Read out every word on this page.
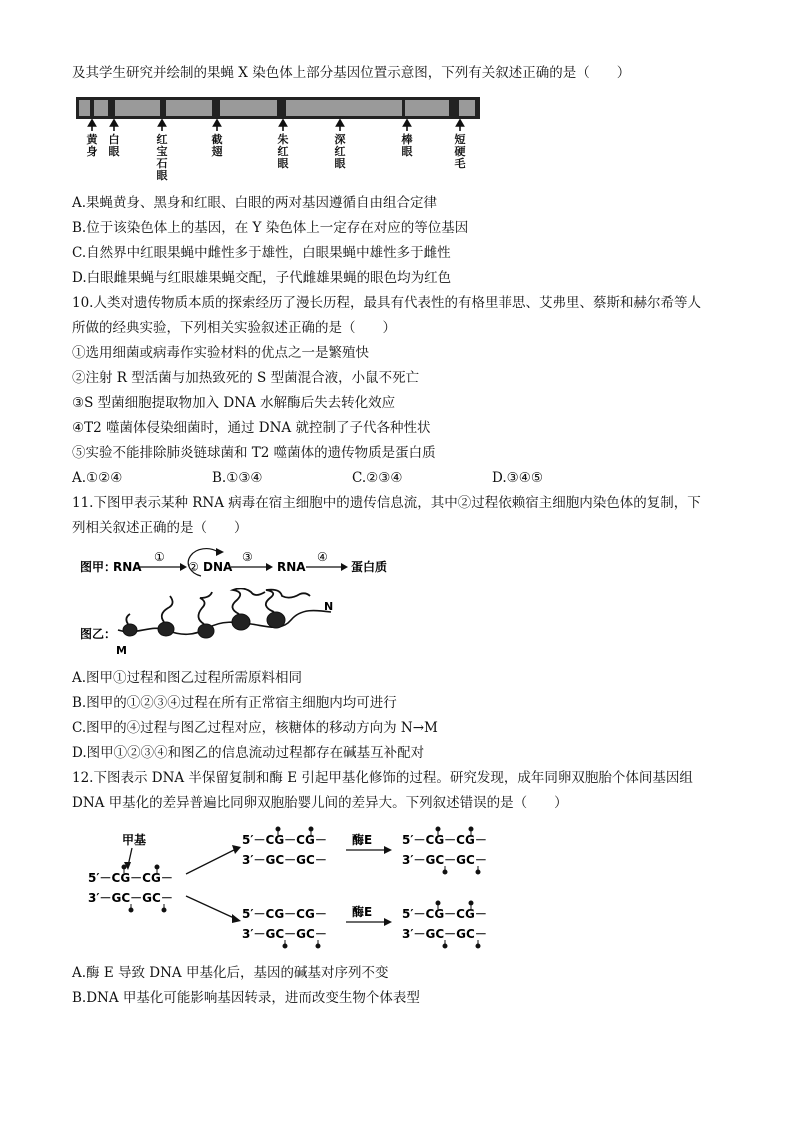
及其学生研究并绘制的果蝇 X 染色体上部分基因位置示意图，下列有关叙述正确的是（　　）
黄身
白眼
红宝石眼
截翅
朱红眼
深红眼
棒眼
短硬毛
A.果蝇黄身、黑身和红眼、白眼的两对基因遵循自由组合定律
B.位于该染色体上的基因，在 Y 染色体上一定存在对应的等位基因
C.自然界中红眼果蝇中雌性多于雄性，白眼果蝇中雄性多于雌性
D.白眼雌果蝇与红眼雄果蝇交配，子代雌雄果蝇的眼色均为红色
10.人类对遗传物质本质的探索经历了漫长历程，最具有代表性的有格里菲思、艾弗里、蔡斯和赫尔希等人
所做的经典实验，下列相关实验叙述正确的是（　　）
①选用细菌或病毒作实验材料的优点之一是繁殖快
②注射 R 型活菌与加热致死的 S 型菌混合液，小鼠不死亡
③S 型菌细胞提取物加入 DNA 水解酶后失去转化效应
④T2 噬菌体侵染细菌时，通过 DNA 就控制了子代各种性状
⑤实验不能排除肺炎链球菌和 T2 噬菌体的遗传物质是蛋白质
A.①②④	B.①③④	C.②③④	D.③④⑤
11.下图甲表示某种 RNA 病毒在宿主细胞中的遗传信息流，其中②过程依赖宿主细胞内染色体的复制，下
列相关叙述正确的是（　　）
图甲：
RNA
①
② DNA
③
RNA
④
蛋白质
图乙：
M
N
A.图甲①过程和图乙过程所需原料相同
B.图甲的①②③④过程在所有正常宿主细胞内均可进行
C.图甲的④过程与图乙过程对应，核糖体的移动方向为 N→M
D.图甲①②③④和图乙的信息流动过程都存在碱基互补配对
12.下图表示 DNA 半保留复制和酶 E 引起甲基化修饰的过程。研究发现，成年同卵双胞胎个体间基因组
DNA 甲基化的差异普遍比同卵双胞胎婴儿间的差异大。下列叙述错误的是（　　）
甲基
5′－CG－CG－
3′－GC－GC－
5′－CG－CG－
3′－GC－GC－
酶E 5′－CG－CG－
3′－GC－GC－
5′－CG－CG－
3′－GC－GC－
酶E 5′－CG－CG－
3′－GC－GC－
A.酶 E 导致 DNA 甲基化后，基因的碱基对序列不变
B.DNA 甲基化可能影响基因转录，进而改变生物个体表型
